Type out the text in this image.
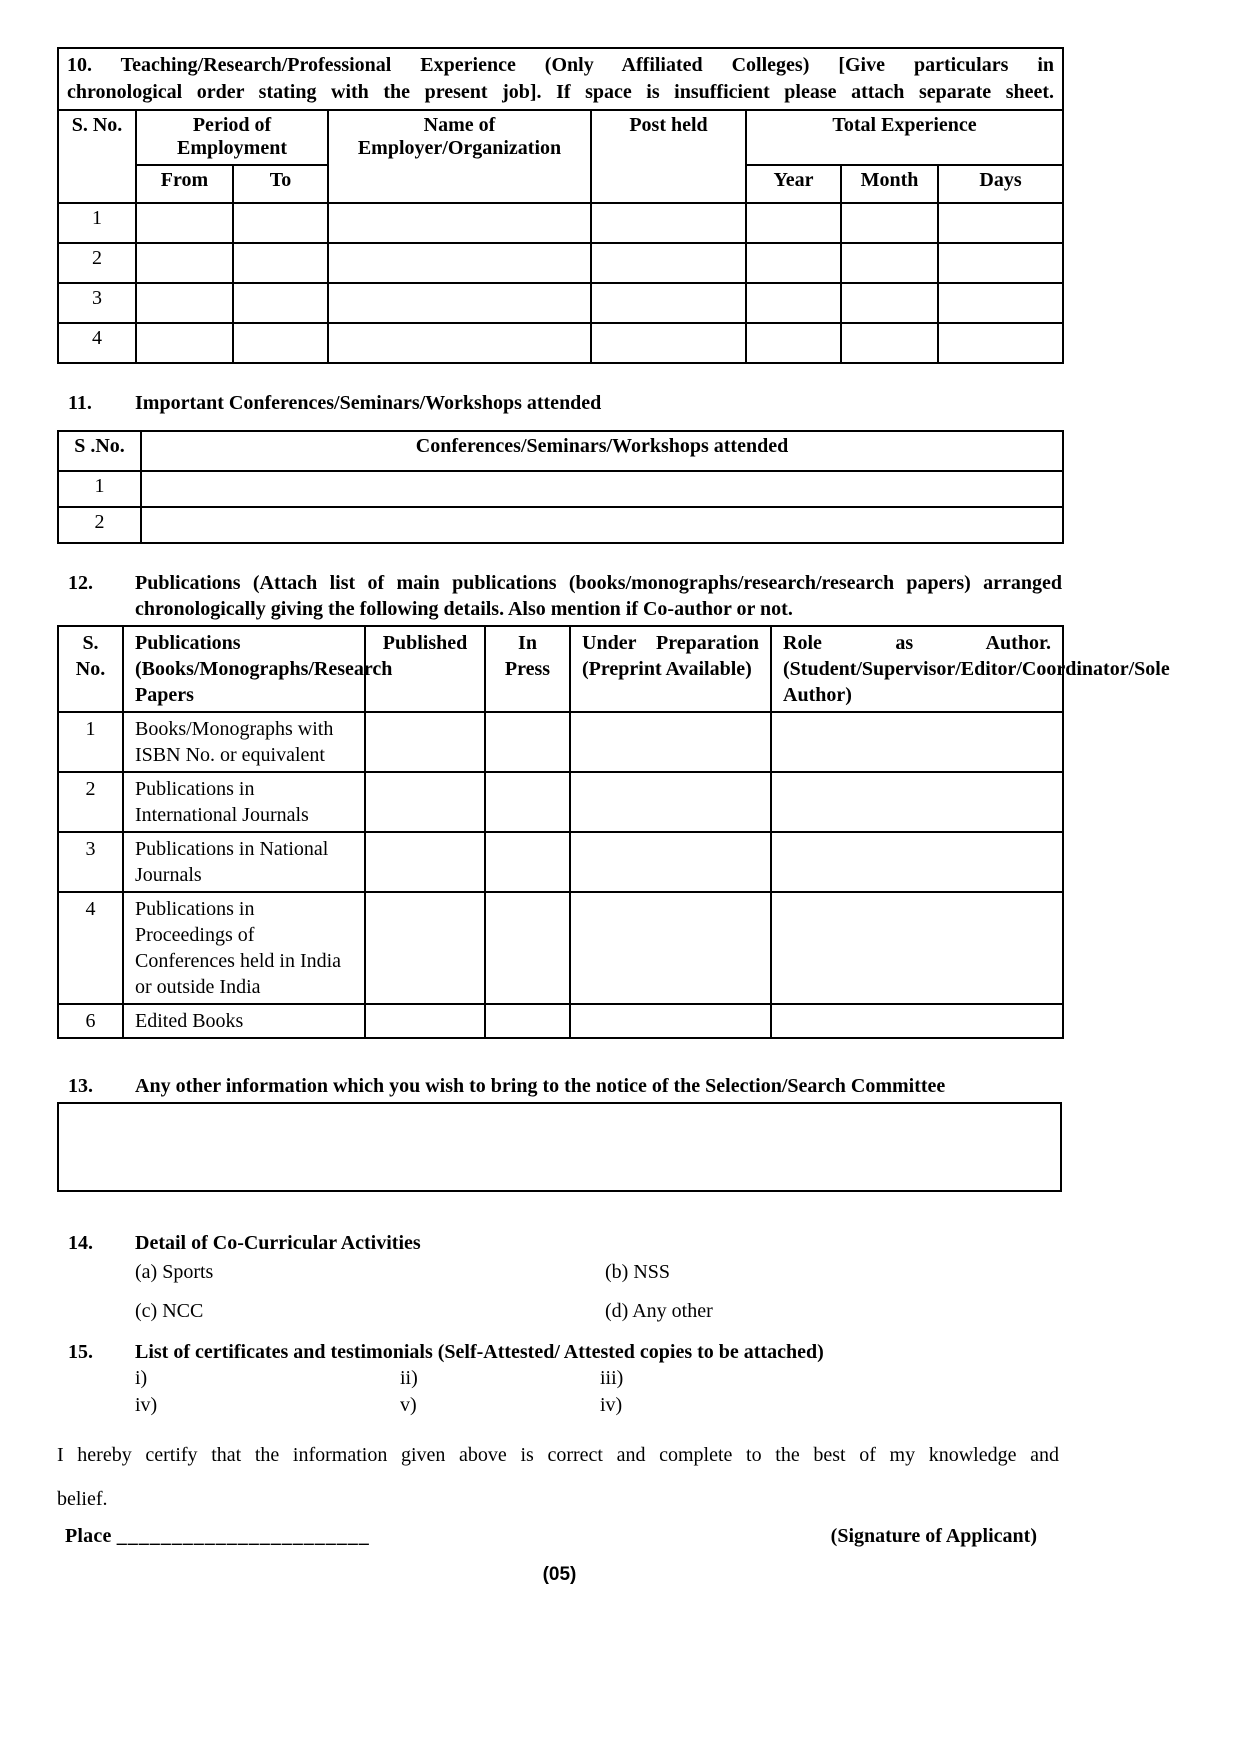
10. Teaching/Research/Professional Experience (Only Affiliated Colleges) [Give particulars in
chronological order stating with the present job]. If space is insufficient please attach separate sheet.							

S. No.	Period of Employment		Name of
Employer/Organization	Post held	Total Experience		
	From	To			Year	Month	Days
1							
2							
3							
4							
11.	Important Conferences/Seminars/Workshops attended
S .No.	Conferences/Seminars/Workshops attended
1	
2	
12.	Publications (Attach list of main publications (books/monographs/research/research papers) arranged chronologically giving the following details. Also mention if Co-author or not.
S. No.	Publications (Books/Monographs/Research Papers	Published	In Press	Under Preparation (Preprint Available)	Role as Author. (Student/Supervisor/Editor/Coordinator/Sole Author)
1	Books/Monographs with ISBN No. or equivalent				
2	Publications in International Journals				
3	Publications in National Journals				
4	Publications in Proceedings of Conferences held in India or outside India				
6	Edited Books				
13.	Any other information which you wish to bring to the notice of the Selection/Search Committee
14.	Detail of Co-Curricular Activities
(a) Sports	(b) NSS
(c) NCC	(d) Any other
15.	List of certificates and testimonials (Self-Attested/ Attested copies to be attached)
i)	ii)	iii)
iv)	v)	iv)
I hereby certify that the information given above is correct and complete to the best of my knowledge and
belief.
Place _______________________	(Signature of Applicant)
(05)
